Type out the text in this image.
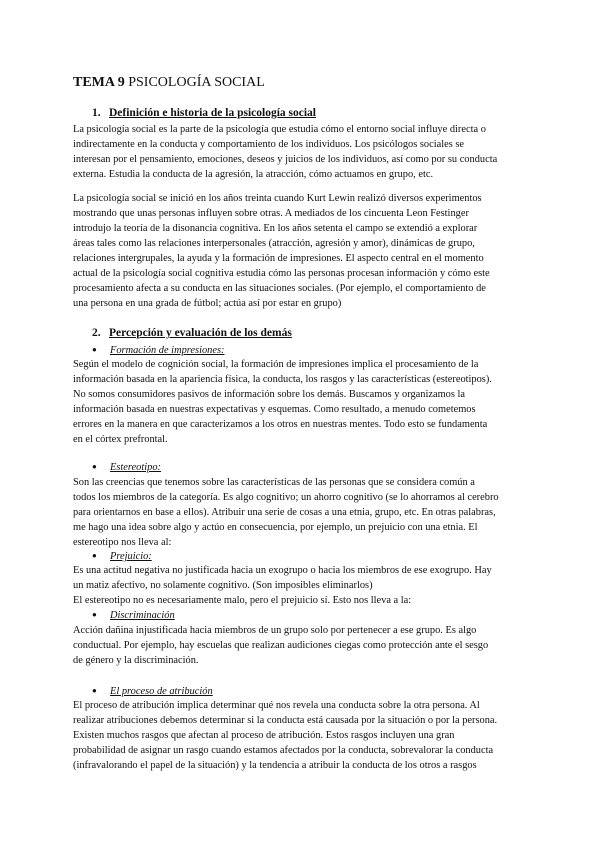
TEMA 9 PSICOLOGÍA SOCIAL
1. Definición e historia de la psicología social
La psicología social es la parte de la psicología que estudia cómo el entorno social influye directa o
indirectamente en la conducta y comportamiento de los individuos. Los psicólogos sociales se
interesan por el pensamiento, emociones, deseos y juicios de los individuos, así como por su conducta
externa. Estudia la conducta de la agresión, la atracción, cómo actuamos en grupo, etc.
La psicología social se inició en los años treinta cuando Kurt Lewin realizó diversos experimentos
mostrando que unas personas influyen sobre otras. A mediados de los cincuenta Leon Festinger
introdujo la teoría de la disonancia cognitiva. En los años setenta el campo se extendió a explorar
áreas tales como las relaciones interpersonales (atracción, agresión y amor), dinámicas de grupo,
relaciones intergrupales, la ayuda y la formación de impresiones. El aspecto central en el momento
actual de la psicología social cognitiva estudia cómo las personas procesan información y cómo este
procesamiento afecta a su conducta en las situaciones sociales. (Por ejemplo, el comportamiento de
una persona en una grada de fútbol; actúa así por estar en grupo)
2. Percepción y evaluación de los demás
● Formación de impresiones:
Según el modelo de cognición social, la formación de impresiones implica el procesamiento de la
información basada en la apariencia física, la conducta, los rasgos y las características (estereotipos).
No somos consumidores pasivos de información sobre los demás. Buscamos y organizamos la
información basada en nuestras expectativas y esquemas. Como resultado, a menudo cometemos
errores en la manera en que caracterizamos a los otros en nuestras mentes. Todo esto se fundamenta
en el córtex prefrontal.
● Estereotipo:
Son las creencias que tenemos sobre las características de las personas que se considera común a
todos los miembros de la categoría. Es algo cognitivo; un ahorro cognitivo (se lo ahorramos al cerebro
para orientarnos en base a ellos). Atribuir una serie de cosas a una etnia, grupo, etc. En otras palabras,
me hago una idea sobre algo y actúo en consecuencia, por ejemplo, un prejuicio con una etnia. El
estereotipo nos lleva al:
● Prejuicio:
Es una actitud negativa no justificada hacia un exogrupo o hacia los miembros de ese exogrupo. Hay
un matiz afectivo, no solamente cognitivo. (Son imposibles eliminarlos)
El estereotipo no es necesariamente malo, pero el prejuicio sí. Esto nos lleva a la:
● Discriminación
Acción dañina injustificada hacia miembros de un grupo solo por pertenecer a ese grupo. Es algo
conductual. Por ejemplo, hay escuelas que realizan audiciones ciegas como protección ante el sesgo
de género y la discriminación.
● El proceso de atribución
El proceso de atribución implica determinar qué nos revela una conducta sobre la otra persona. Al
realizar atribuciones debemos determinar si la conducta está causada por la situación o por la persona.
Existen muchos rasgos que afectan al proceso de atribución. Estos rasgos incluyen una gran
probabilidad de asignar un rasgo cuando estamos afectados por la conducta, sobrevalorar la conducta
(infravalorando el papel de la situación) y la tendencia a atribuir la conducta de los otros a rasgos
